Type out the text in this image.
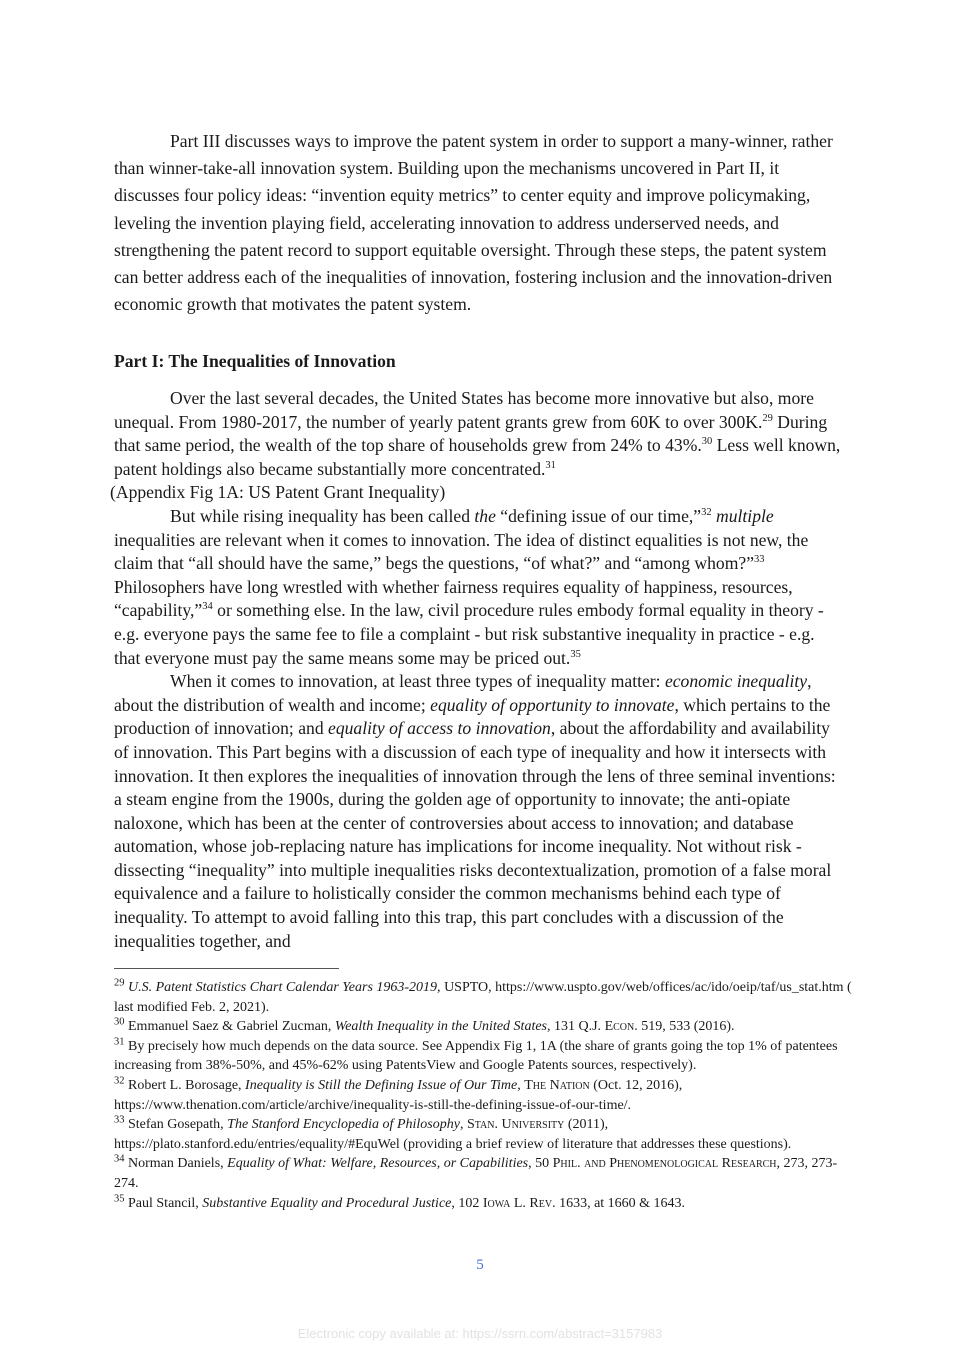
Part III discusses ways to improve the patent system in order to support a many-winner, rather than winner-take-all innovation system. Building upon the mechanisms uncovered in Part II, it discusses four policy ideas: “invention equity metrics” to center equity and improve policymaking, leveling the invention playing field, accelerating innovation to address underserved needs, and strengthening the patent record to support equitable oversight. Through these steps, the patent system can better address each of the inequalities of innovation, fostering inclusion and the innovation-driven economic growth that motivates the patent system.

Part I: The Inequalities of Innovation

Over the last several decades, the United States has become more innovative but also, more unequal. From 1980-2017, the number of yearly patent grants grew from 60K to over 300K.$^{29}$ During that same period, the wealth of the top share of households grew from 24% to 43%.$^{30}$ Less well known, patent holdings also became substantially more concentrated.$^{31}$
(Appendix Fig 1A: US Patent Grant Inequality)

But while rising inequality has been called the “defining issue of our time,”$^{32}$ multiple inequalities are relevant when it comes to innovation. The idea of distinct equalities is not new, the claim that “all should have the same,” begs the questions, “of what?” and “among whom?”$^{33}$ Philosophers have long wrestled with whether fairness requires equality of happiness, resources, “capability,”$^{34}$ or something else. In the law, civil procedure rules embody formal equality in theory - e.g. everyone pays the same fee to file a complaint - but risk substantive inequality in practice - e.g. that everyone must pay the same means some may be priced out.$^{35}$

When it comes to innovation, at least three types of inequality matter: economic inequality, about the distribution of wealth and income; equality of opportunity to innovate, which pertains to the production of innovation; and equality of access to innovation, about the affordability and availability of innovation. This Part begins with a discussion of each type of inequality and how it intersects with innovation. It then explores the inequalities of innovation through the lens of three seminal inventions: a steam engine from the 1900s, during the golden age of opportunity to innovate; the anti-opiate naloxone, which has been at the center of controversies about access to innovation; and database automation, whose job-replacing nature has implications for income inequality. Not without risk - dissecting “inequality” into multiple inequalities risks decontextualization, promotion of a false moral equivalence and a failure to holistically consider the common mechanisms behind each type of inequality. To attempt to avoid falling into this trap, this part concludes with a discussion of the inequalities together, and

$^{29}$ U.S. Patent Statistics Chart Calendar Years 1963-2019, USPTO, https://www.uspto.gov/web/offices/ac/ido/oeip/taf/us_stat.htm ( last modified Feb. 2, 2021).
$^{30}$ Emmanuel Saez & Gabriel Zucman, Wealth Inequality in the United States, 131 Q.J. Econ. 519, 533 (2016).
$^{31}$ By precisely how much depends on the data source. See Appendix Fig 1, 1A (the share of grants going the top 1% of patentees increasing from 38%-50%, and 45%-62% using PatentsView and Google Patents sources, respectively).
$^{32}$ Robert L. Borosage, Inequality is Still the Defining Issue of Our Time, The Nation (Oct. 12, 2016), https://www.thenation.com/article/archive/inequality-is-still-the-defining-issue-of-our-time/.
$^{33}$ Stefan Gosepath, The Stanford Encyclopedia of Philosophy, Stan. University (2011), https://plato.stanford.edu/entries/equality/#EquWel (providing a brief review of literature that addresses these questions).
$^{34}$ Norman Daniels, Equality of What: Welfare, Resources, or Capabilities, 50 Phil. and Phenomenological Research, 273, 273-274.
$^{35}$ Paul Stancil, Substantive Equality and Procedural Justice, 102 Iowa L. Rev. 1633, at 1660 & 1643.
5
Electronic copy available at: https://ssrn.com/abstract=3157983
